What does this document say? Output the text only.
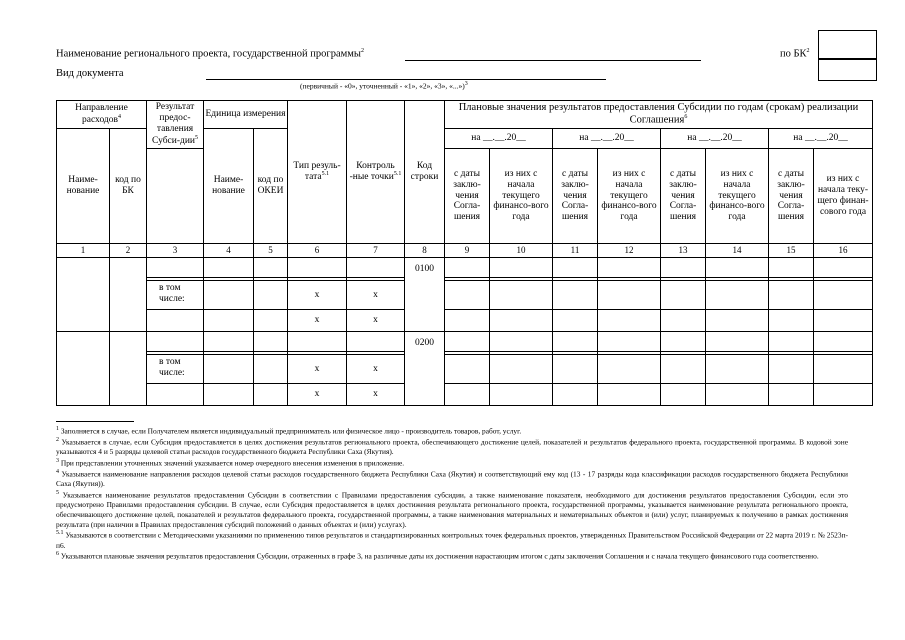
Наименование регионального проекта, государственной программы$^2$	по $БК^2$
Вид документа
(первичный - «0», уточненный - «1», «2», «3», «...»)$^3$
Направление расходов$^4$		Результат предос-тавления Субси-дии$^5$	Единица измерения		Тип резуль-тата$^{5.1}$	Контроль -ные точки$^{5.1}$	Код строки	Плановые значения результатов предоставления Субсидии по годам (срокам) реализации Соглашения$^6$
Наиме-нование	код по БК		Наиме-нование	код по ОКЕИ				на __.__.20__		на __.__.20__		на __.__.20__		на __.__.20__	
								с даты заклю-чения Согла-шения	из них с начала текущего финансо-вого года	с даты заклю-чения Согла-шения	из них с начала текущего финансо-вого года	с даты заклю-чения Согла-шения	из них с начала текущего финансо-вого года	с даты заклю-чения Согла-шения	из них с начала теку-щего финан-сового года
1	2	3	4	5	6	7	8	9	10	11	12	13	14	15	16
							0100								

		в том числе:			x	x									
					x	x									
							0200								

		в том числе:			x	x									
					x	x									

$^1$ Заполняется в случае, если Получателем является индивидуальный предприниматель или физическое лицо - производитель товаров, работ, услуг.

$^2$ Указывается в случае, если Субсидия предоставляется в целях достижения результатов регионального проекта, обеспечивающего достижение целей, показателей и результатов федерального проекта, государственной программы. В кодовой зоне указываются 4 и 5 разряды целевой статьи расходов государственного бюджета Республики Саха (Якутия).

$^3$ При представлении уточненных значений указывается номер очередного внесения изменения в приложение.

$^4$ Указывается наименование направления расходов целевой статьи расходов государственного бюджета Республики Саха (Якутия) и соответствующий ему код (13 - 17 разряды кода классификации расходов государственного бюджета Республики Саха (Якутия)).

$^5$ Указывается наименование результатов предоставления Субсидии в соответствии с Правилами предоставления субсидии, а также наименование показателя, необходимого для достижения результатов предоставления Субсидии, если это предусмотрено Правилами предоставления субсидии. В случае, если Субсидия предоставляется в целях достижения результата регионального проекта, государственной программы, указывается наименование результата регионального проекта, обеспечивающего достижение целей, показателей и результатов федерального проекта, государственной программы, а также наименования материальных и нематериальных объектов и (или) услуг, планируемых к получению в рамках достижения результата (при наличии в Правилах предоставления субсидий положений о данных объектах и (или) услугах).

$^{5.1}$ Указываются в соответствии с Методическими указаниями по применению типов результатов и стандартизированных контрольных точек федеральных проектов, утвержденных Правительством Российской Федерации от 22 марта 2019 г. № 2523п-п6.

$^6$ Указываются плановые значения результатов предоставления Субсидии, отраженных в графе 3, на различные даты их достижения нарастающим итогом с даты заключения Соглашения и с начала текущего финансового года соответственно.
